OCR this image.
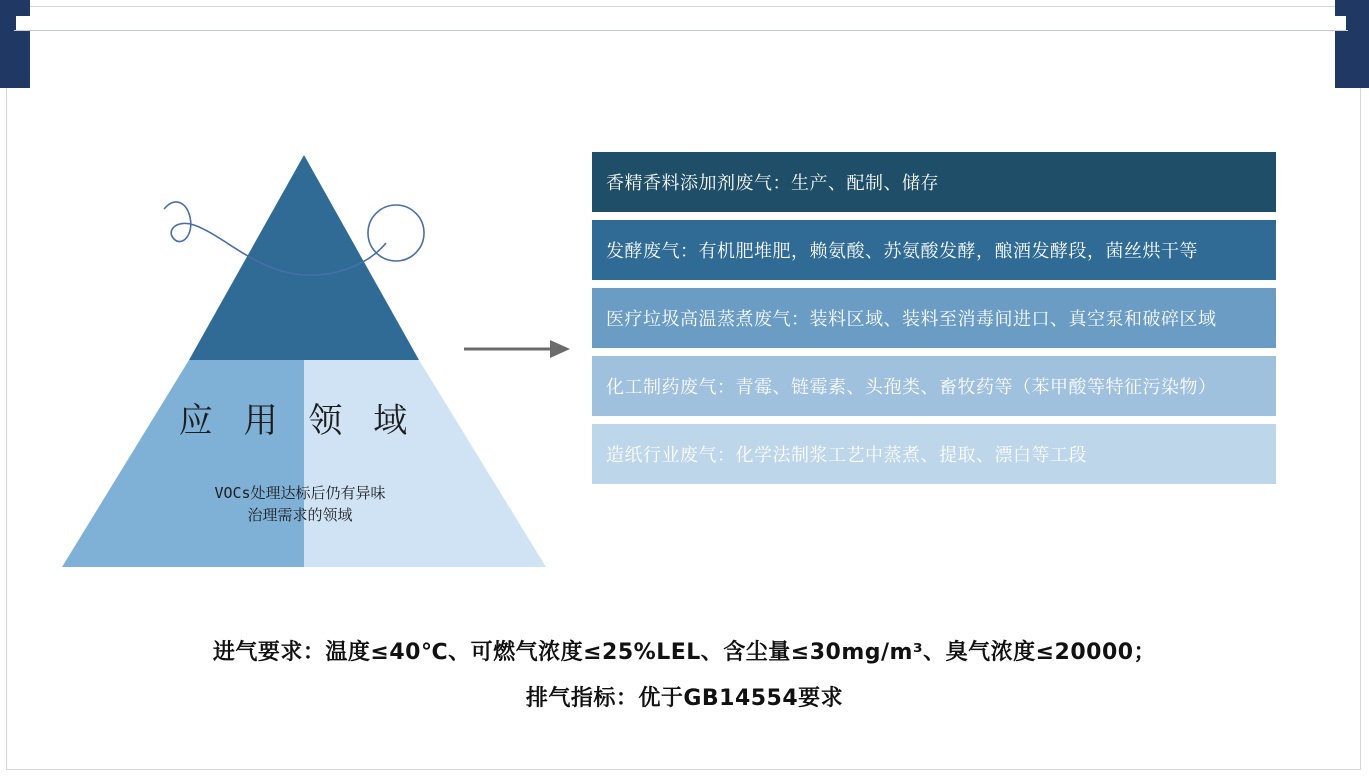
应 用 领 域
VOCs处理达标后仍有异味
治理需求的领域
香精香料添加剂废气：生产、配制、储存
发酵废气：有机肥堆肥，赖氨酸、苏氨酸发酵，酿酒发酵段，菌丝烘干等
医疗垃圾高温蒸煮废气：装料区域、装料至消毒间进口、真空泵和破碎区域
化工制药废气：青霉、链霉素、头孢类、畜牧药等（苯甲酸等特征污染物）
造纸行业废气：化学法制浆工艺中蒸煮、提取、漂白等工段
进气要求：温度≤40℃、可燃气浓度≤25%LEL、含尘量≤30mg/m³、臭气浓度≤20000；
排气指标：优于GB14554要求
